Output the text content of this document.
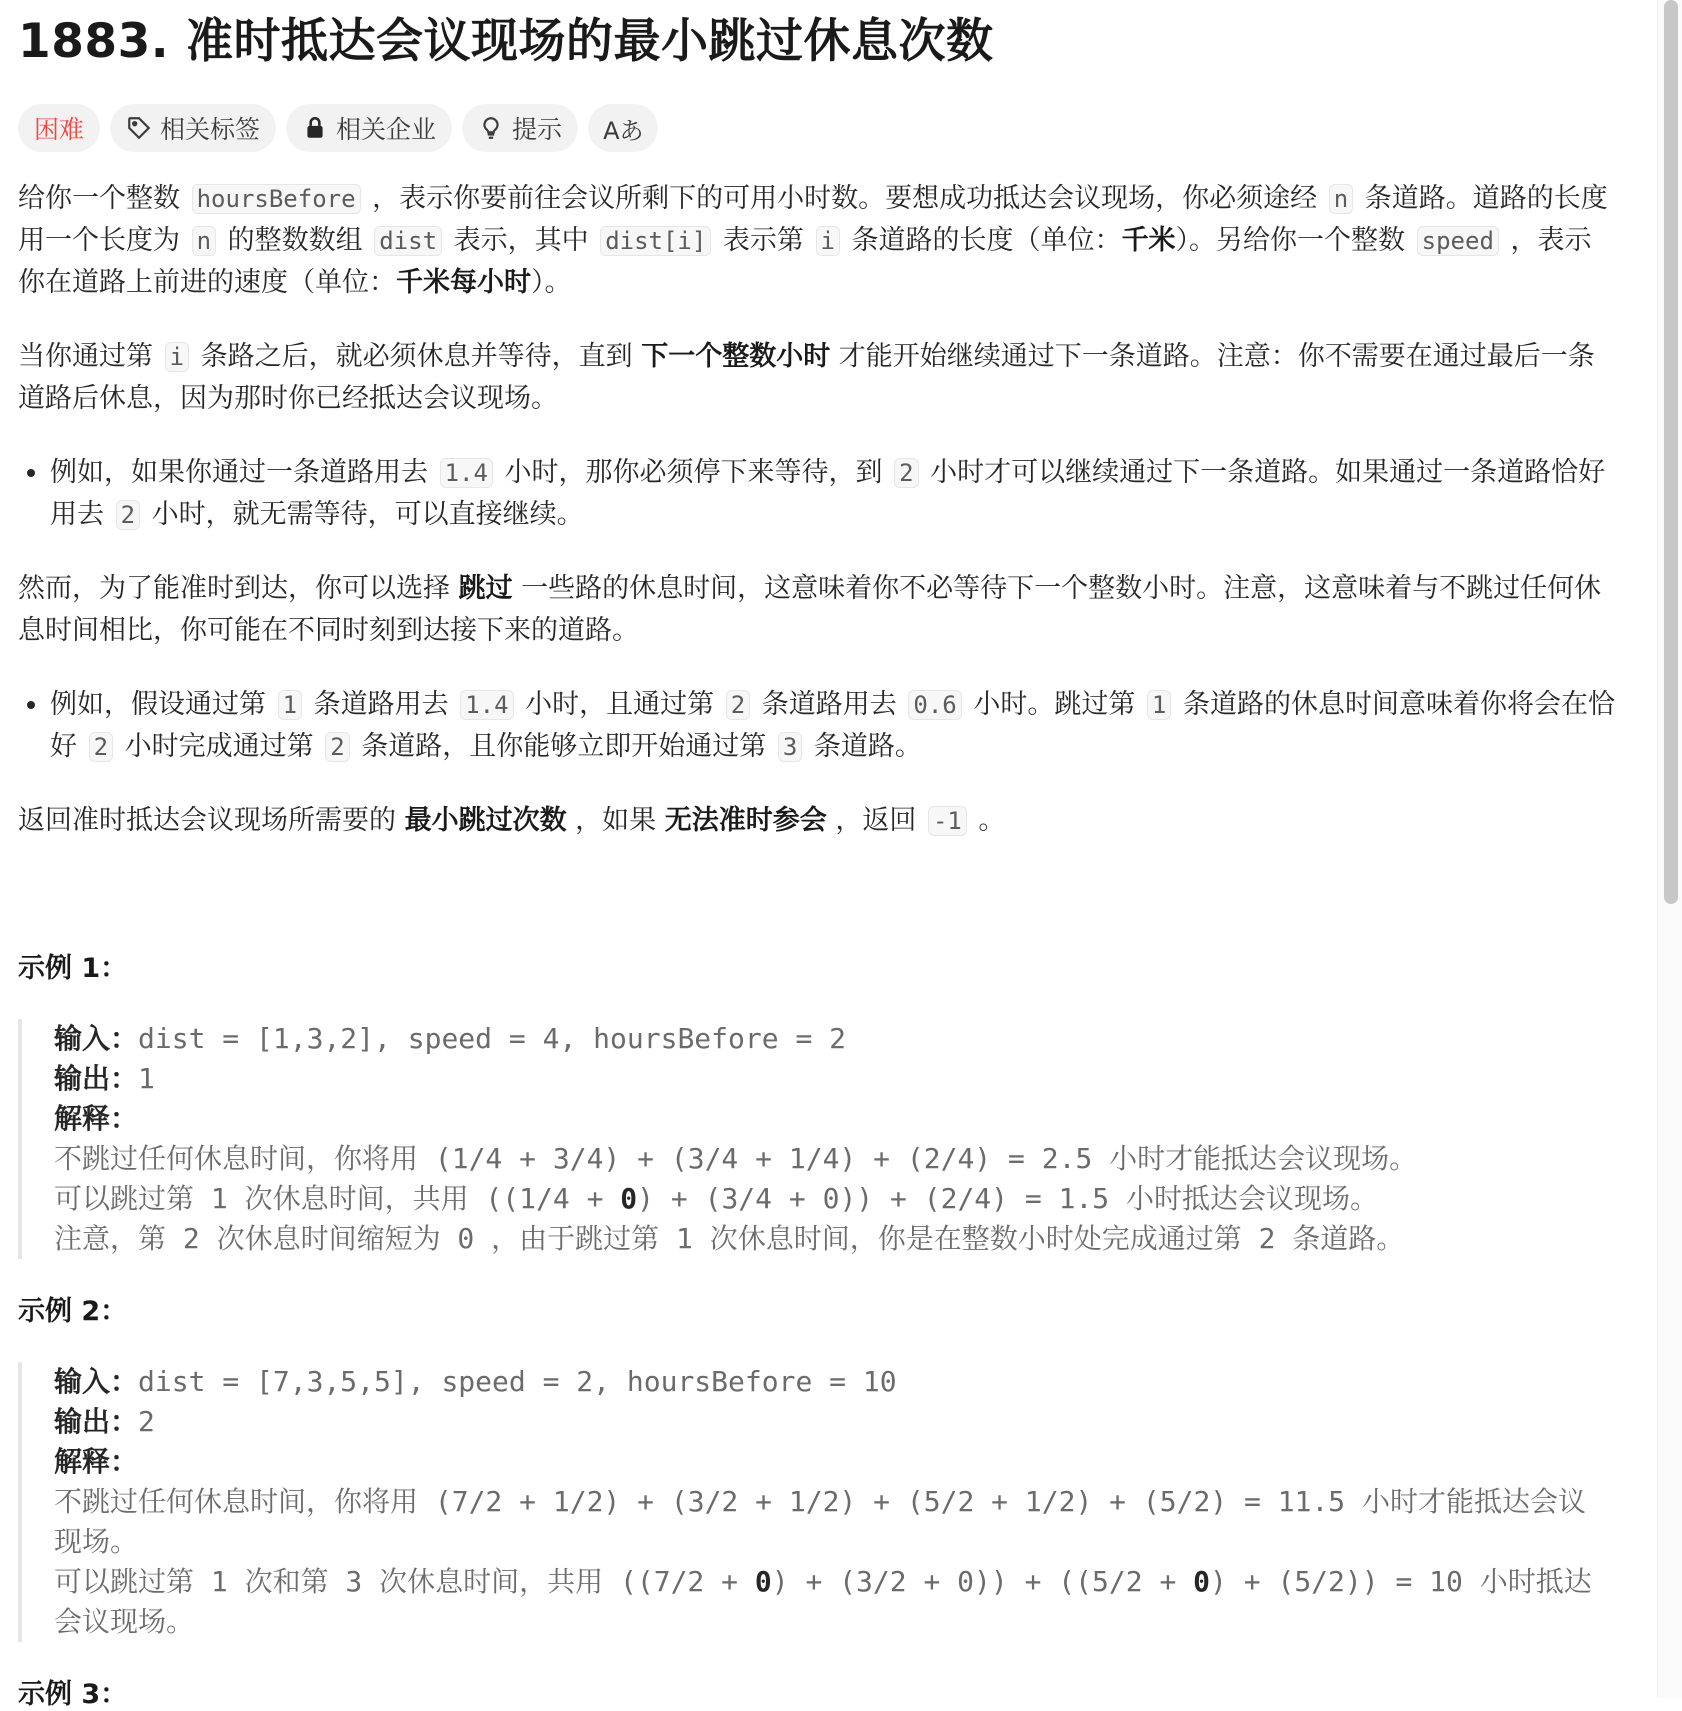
1883. 准时抵达会议现场的最小跳过休息次数
困难	相关标签	相关企业	提示 Aあ

给你一个整数 hoursBefore ，表示你要前往会议所剩下的可用小时数。要想成功抵达会议现场，你必须途经 n 条道路。道路的长度用一个长度为 n 的整数数组 dist 表示，其中 dist[i] 表示第 i 条道路的长度（单位：千米）。另给你一个整数 speed ，表示你在道路上前进的速度（单位：千米每小时）。

当你通过第 i 条路之后，就必须休息并等待，直到 下一个整数小时 才能开始继续通过下一条道路。注意：你不需要在通过最后一条道路后休息，因为那时你已经抵达会议现场。

• 例如，如果你通过一条道路用去 1.4 小时，那你必须停下来等待，到 2 小时才可以继续通过下一条道路。如果通过一条道路恰好用去 2 小时，就无需等待，可以直接继续。

然而，为了能准时到达，你可以选择 跳过 一些路的休息时间，这意味着你不必等待下一个整数小时。注意，这意味着与不跳过任何休息时间相比，你可能在不同时刻到达接下来的道路。

• 例如，假设通过第 1 条道路用去 1.4 小时，且通过第 2 条道路用去 0.6 小时。跳过第 1 条道路的休息时间意味着你将会在恰好 2 小时完成通过第 2 条道路，且你能够立即开始通过第 3 条道路。

返回准时抵达会议现场所需要的 最小跳过次数 ，如果 无法准时参会 ，返回 -1 。

示例 1：
输入：dist = [1,3,2], speed = 4, hoursBefore = 2
输出：1
解释：
不跳过任何休息时间，你将用 (1/4 + 3/4) + (3/4 + 1/4) + (2/4) = 2.5 小时才能抵达会议现场。
可以跳过第 1 次休息时间，共用 ((1/4 + 0) + (3/4 + 0)) + (2/4) = 1.5 小时抵达会议现场。
注意，第 2 次休息时间缩短为 0 ，由于跳过第 1 次休息时间，你是在整数小时处完成通过第 2 条道路。
示例 2：
输入：dist = [7,3,5,5], speed = 2, hoursBefore = 10
输出：2
解释：
不跳过任何休息时间，你将用 (7/2 + 1/2) + (3/2 + 1/2) + (5/2 + 1/2) + (5/2) = 11.5 小时才能抵达会议现场。
可以跳过第 1 次和第 3 次休息时间，共用 ((7/2 + 0) + (3/2 + 0)) + ((5/2 + 0) + (5/2)) = 10 小时抵达会议现场。
示例 3：
